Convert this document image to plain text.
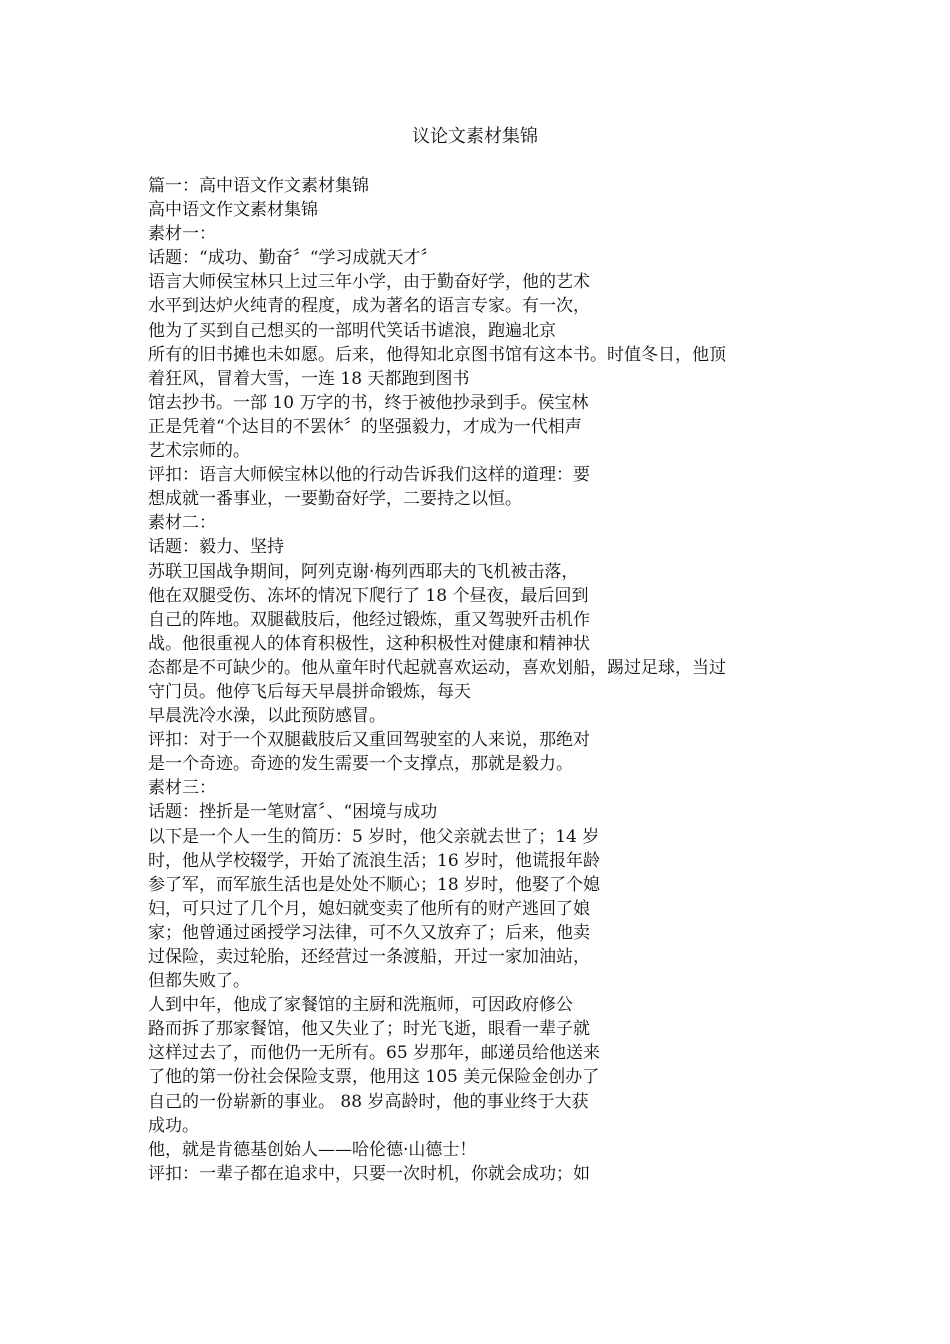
议论文素材集锦
篇一：高中语文作文素材集锦
高中语文作文素材集锦
素材一：
话题：“成功、勤奋〞“学习成就天才〞
语言大师侯宝林只上过三年小学，由于勤奋好学，他的艺术
水平到达炉火纯青的程度，成为著名的语言专家。有一次，
他为了买到自己想买的一部明代笑话书谑浪，跑遍北京
所有的旧书摊也未如愿。后来，他得知北京图书馆有这本书。时值冬日，他顶
着狂风，冒着大雪，一连 18 天都跑到图书
馆去抄书。一部 10 万字的书，终于被他抄录到手。侯宝林
正是凭着“个达目的不罢休〞的坚强毅力，才成为一代相声
艺术宗师的。
评扣：语言大师候宝林以他的行动告诉我们这样的道理：要
想成就一番事业，一要勤奋好学，二要持之以恒。
素材二：
话题：毅力、坚持
苏联卫国战争期间，阿列克谢·梅列西耶夫的飞机被击落，
他在双腿受伤、冻坏的情况下爬行了 18 个昼夜，最后回到
自己的阵地。双腿截肢后，他经过锻炼，重又驾驶歼击机作
战。他很重视人的体育积极性，这种积极性对健康和精神状
态都是不可缺少的。他从童年时代起就喜欢运动，喜欢划船，踢过足球，当过
守门员。他停飞后每天早晨拼命锻炼，每天
早晨洗冷水澡，以此预防感冒。
评扣：对于一个双腿截肢后又重回驾驶室的人来说，那绝对
是一个奇迹。奇迹的发生需要一个支撑点，那就是毅力。
素材三：
话题：挫折是一笔财富〞、“困境与成功
以下是一个人一生的简历：5 岁时，他父亲就去世了；14 岁
时，他从学校辍学，开始了流浪生活；16 岁时，他谎报年龄
参了军，而军旅生活也是处处不顺心；18 岁时，他娶了个媳
妇，可只过了几个月，媳妇就变卖了他所有的财产逃回了娘
家；他曾通过函授学习法律，可不久又放弃了；后来，他卖
过保险，卖过轮胎，还经营过一条渡船，开过一家加油站，
但都失败了。
人到中年，他成了家餐馆的主厨和洗瓶师，可因政府修公
路而拆了那家餐馆，他又失业了；时光飞逝，眼看一辈子就
这样过去了，而他仍一无所有。65 岁那年，邮递员给他送来
了他的第一份社会保险支票，他用这 105 美元保险金创办了
自己的一份崭新的事业。 88 岁高龄时，他的事业终于大获
成功。
他，就是肯德基创始人——哈伦德·山德士！
评扣：一辈子都在追求中，只要一次时机，你就会成功；如
